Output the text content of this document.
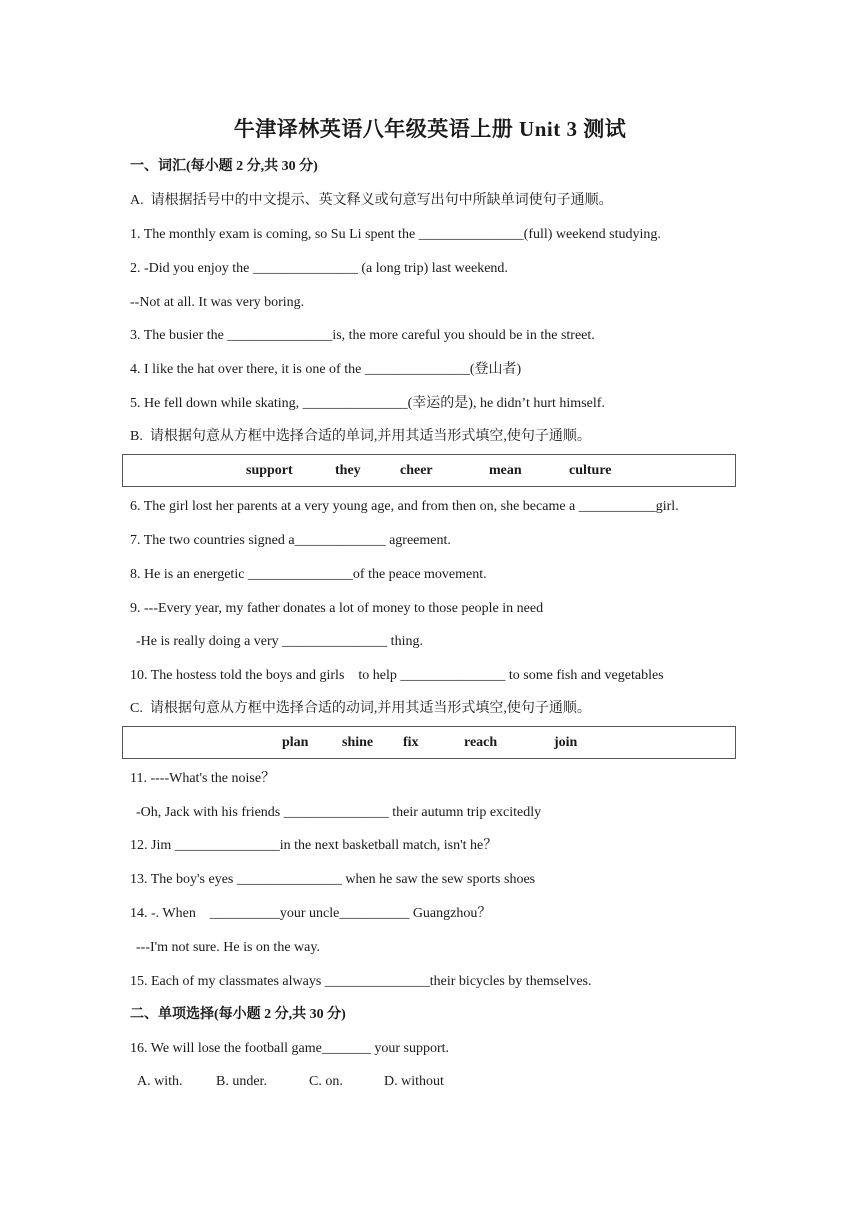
牛津译林英语八年级英语上册 Unit 3 测试
一、词汇(每小题 2 分,共 30 分)
A.  请根据括号中的中文提示、英文释义或句意写出句中所缺单词使句子通顺。
1. The monthly exam is coming, so Su Li spent the _______________(full) weekend studying.
2. -Did you enjoy the _______________ (a long trip) last weekend.
--Not at all. It was very boring.
3. The busier the _______________is, the more careful you should be in the street.
4. I like the hat over there, it is one of the _______________(登山者)
5. He fell down while skating, _______________(幸运的是), he didn’t hurt himself.
B.  请根据句意从方框中选择合适的单词,并用其适当形式填空,使句子通顺。
support	they	cheer	mean	culture
6. The girl lost her parents at a very young age, and from then on, she became a ___________girl.
7. The two countries signed a_____________ agreement.
8. He is an energetic _______________of the peace movement.
9. ---Every year, my father donates a lot of money to those people in need
-He is really doing a very _______________ thing.
10. The hostess told the boys and girls    to help _______________ to some fish and vegetables
C.  请根据句意从方框中选择合适的动词,并用其适当形式填空,使句子通顺。
plan shine fix	reach	join
11. ----What's the noise？
-Oh, Jack with his friends _______________ their autumn trip excitedly
12. Jim _______________in the next basketball match, isn't he？
13. The boy's eyes _______________ when he saw the sew sports shoes
14. -. When    __________your uncle__________ Guangzhou？
---I'm not sure. He is on the way.
15. Each of my classmates always _______________their bicycles by themselves.
二、单项选择(每小题 2 分,共 30 分)
16. We will lose the football game_______ your support.
A. with. B. under.	C. on.	D. without
